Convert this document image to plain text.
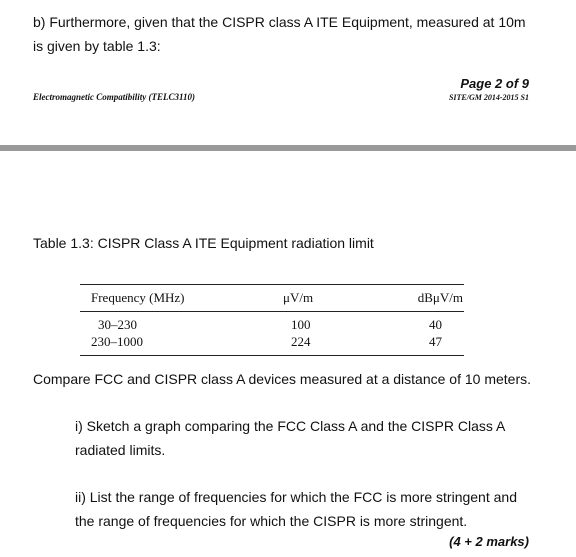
b) Furthermore, given that the CISPR class A ITE Equipment, measured at 10m
is given by table 1.3:
Electromagnetic Compatibility (TELC3110)
Page 2 of 9
SITE/GM 2014-2015 S1
Table 1.3: CISPR Class A ITE Equipment radiation limit
Frequency (MHz)	μV/m	dBμV/m
30–230	100	40
230–1000	224	47
Compare FCC and CISPR class A devices measured at a distance of 10 meters.
i) Sketch a graph comparing the FCC Class A and the CISPR Class A
radiated limits.
ii) List the range of frequencies for which the FCC is more stringent and
the range of frequencies for which the CISPR is more stringent.
(4 + 2 marks)
